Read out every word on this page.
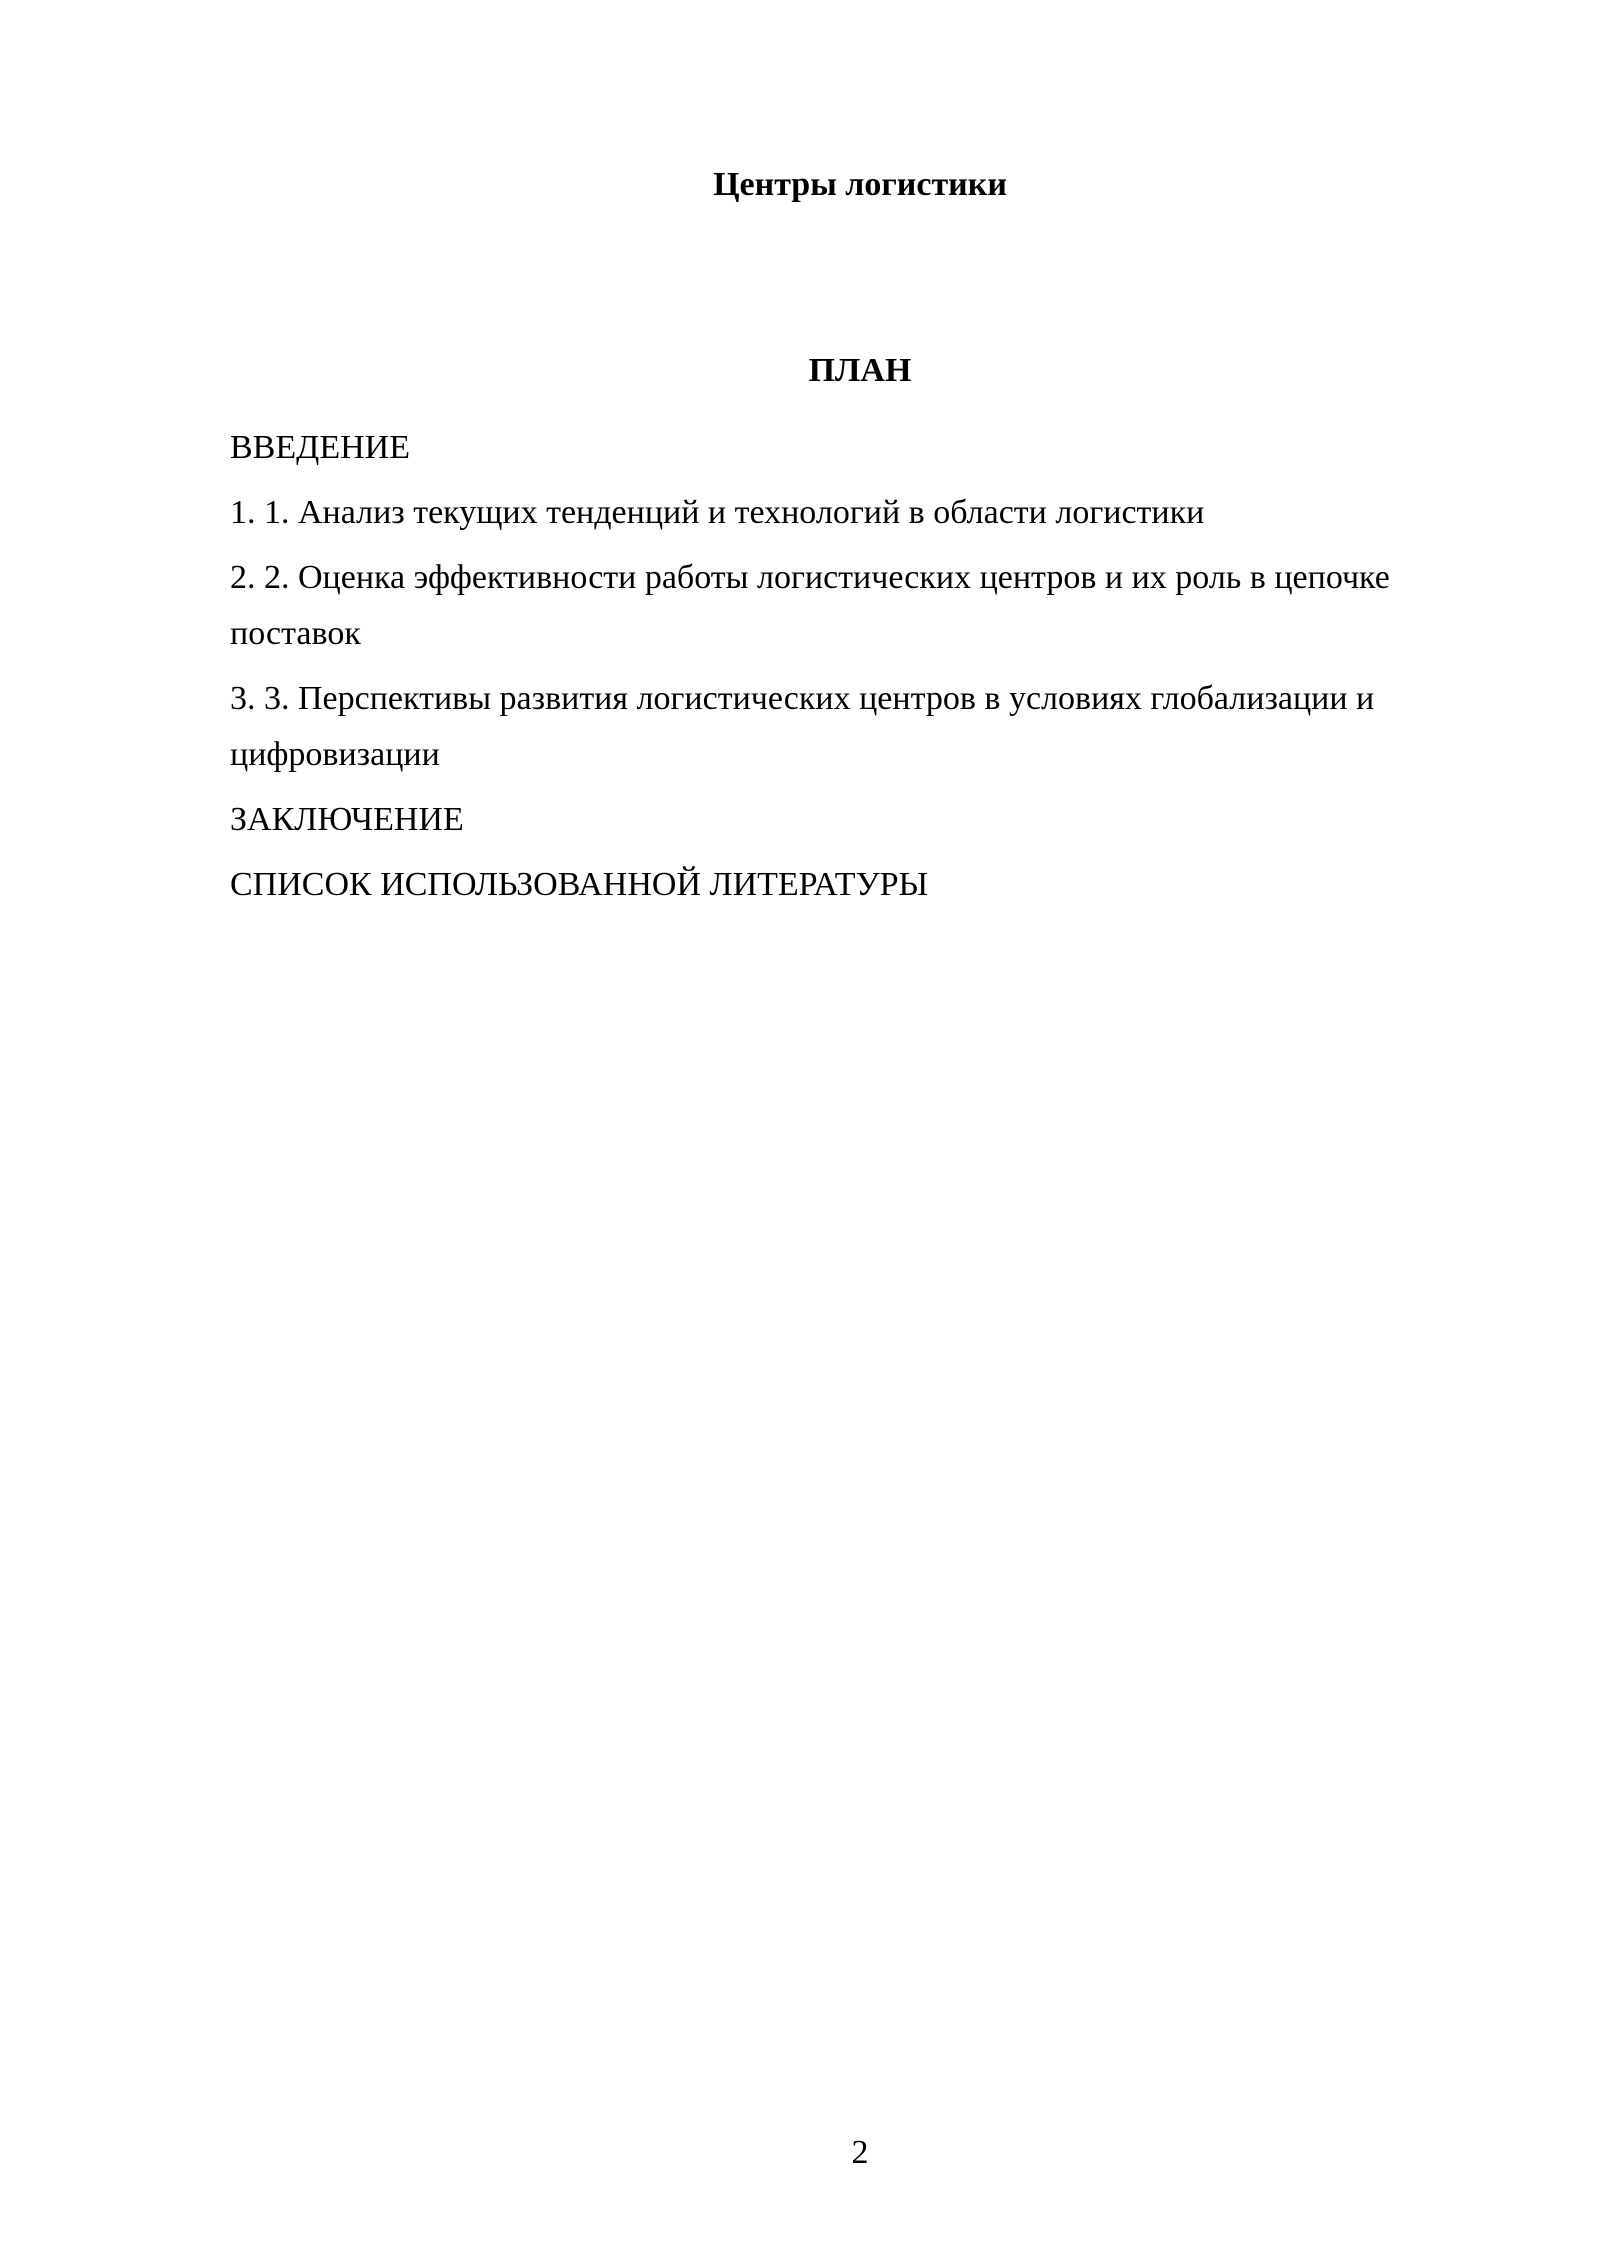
Центры логистики
ПЛАН
ВВЕДЕНИЕ
1. 1. Анализ текущих тенденций и технологий в области логистики
2. 2. Оценка эффективности работы логистических центров и их роль в цепочке поставок
3. 3. Перспективы развития логистических центров в условиях глобализации и цифровизации
ЗАКЛЮЧЕНИЕ
СПИСОК ИСПОЛЬЗОВАННОЙ ЛИТЕРАТУРЫ
2
